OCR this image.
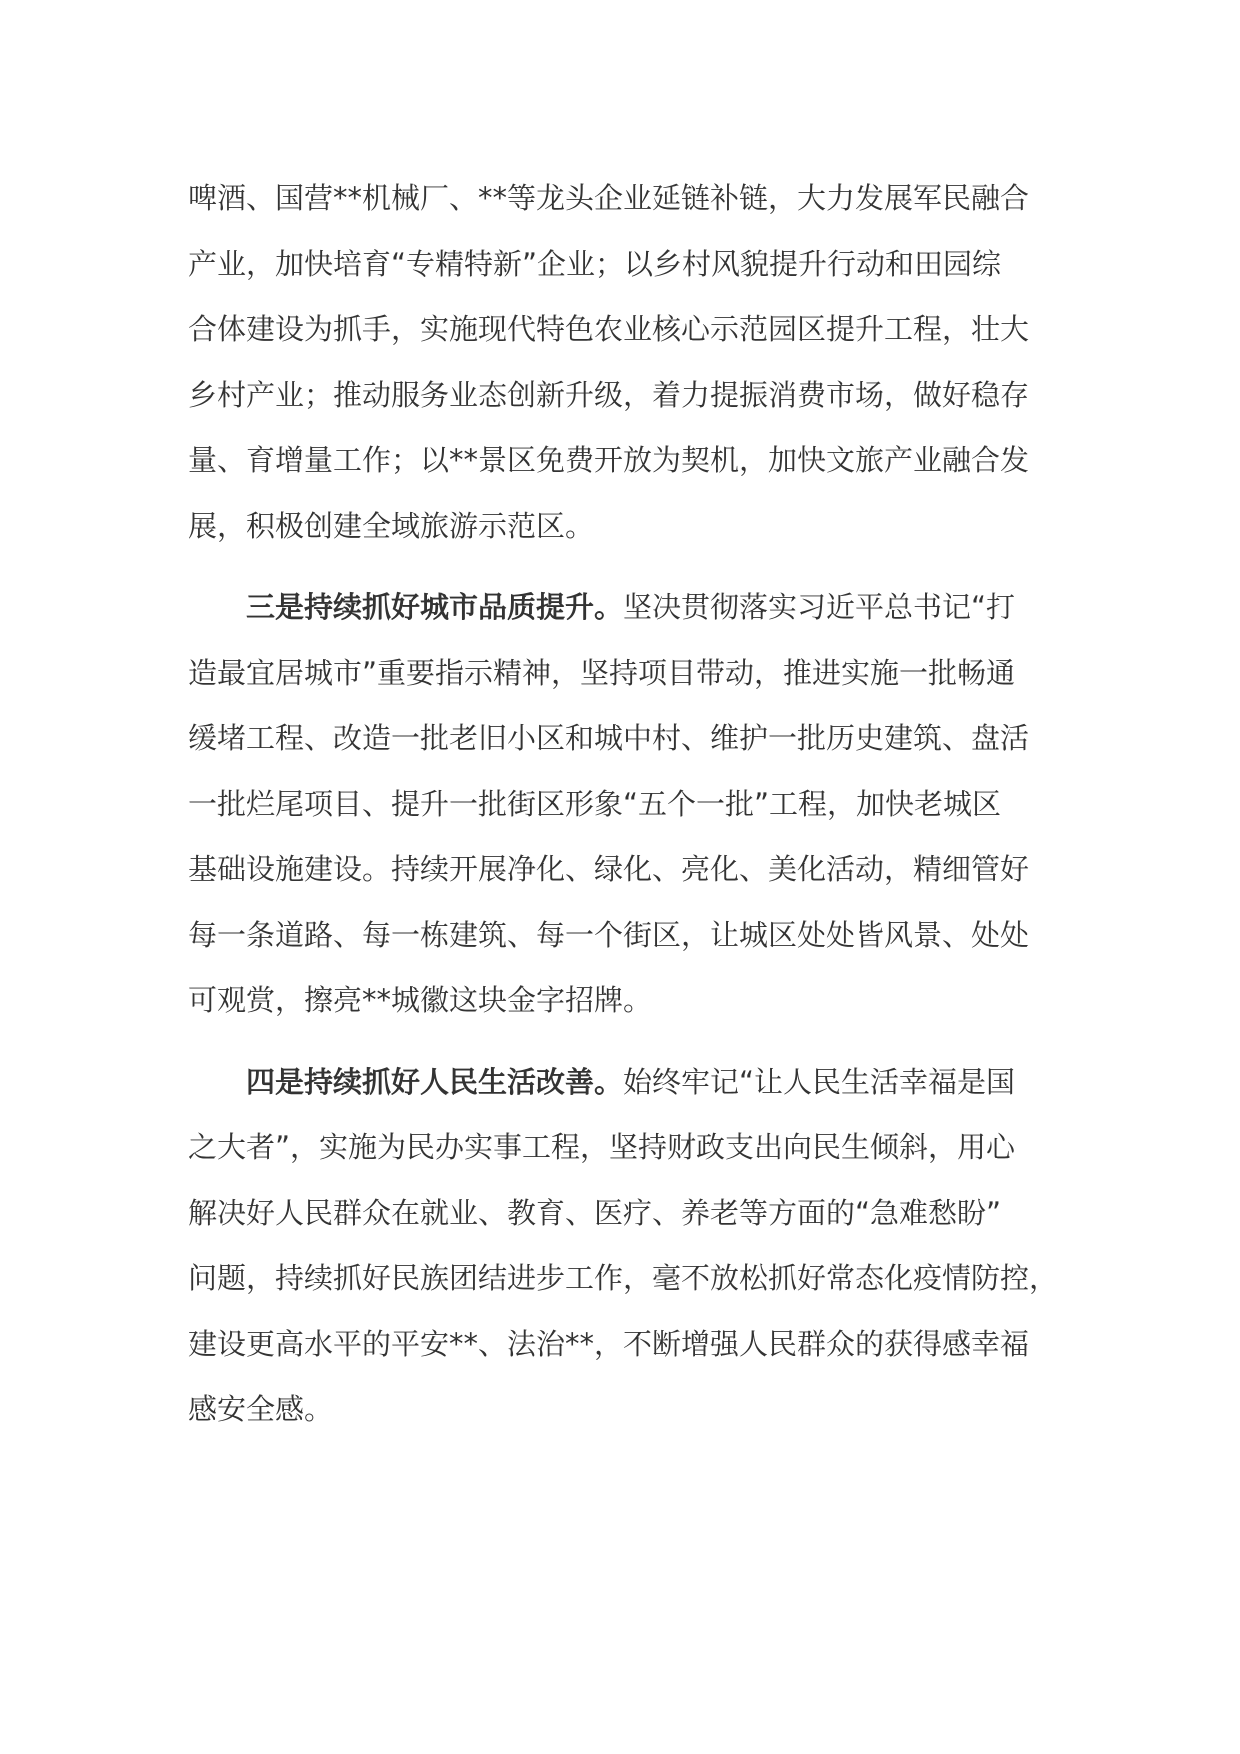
啤酒、国营**机械厂、**等龙头企业延链补链，大力发展军民融合
产业，加快培育“专精特新”企业；以乡村风貌提升行动和田园综
合体建设为抓手，实施现代特色农业核心示范园区提升工程，壮大
乡村产业；推动服务业态创新升级，着力提振消费市场，做好稳存
量、育增量工作；以**景区免费开放为契机，加快文旅产业融合发
展，积极创建全域旅游示范区。

三是持续抓好城市品质提升。坚决贯彻落实习近平总书记“打
造最宜居城市”重要指示精神，坚持项目带动，推进实施一批畅通
缓堵工程、改造一批老旧小区和城中村、维护一批历史建筑、盘活
一批烂尾项目、提升一批街区形象“五个一批”工程，加快老城区
基础设施建设。持续开展净化、绿化、亮化、美化活动，精细管好
每一条道路、每一栋建筑、每一个街区，让城区处处皆风景、处处
可观赏，擦亮**城徽这块金字招牌。

四是持续抓好人民生活改善。始终牢记“让人民生活幸福是国
之大者”，实施为民办实事工程，坚持财政支出向民生倾斜，用心
解决好人民群众在就业、教育、医疗、养老等方面的“急难愁盼”
问题，持续抓好民族团结进步工作，毫不放松抓好常态化疫情防控，
建设更高水平的平安**、法治**，不断增强人民群众的获得感幸福
感安全感。
